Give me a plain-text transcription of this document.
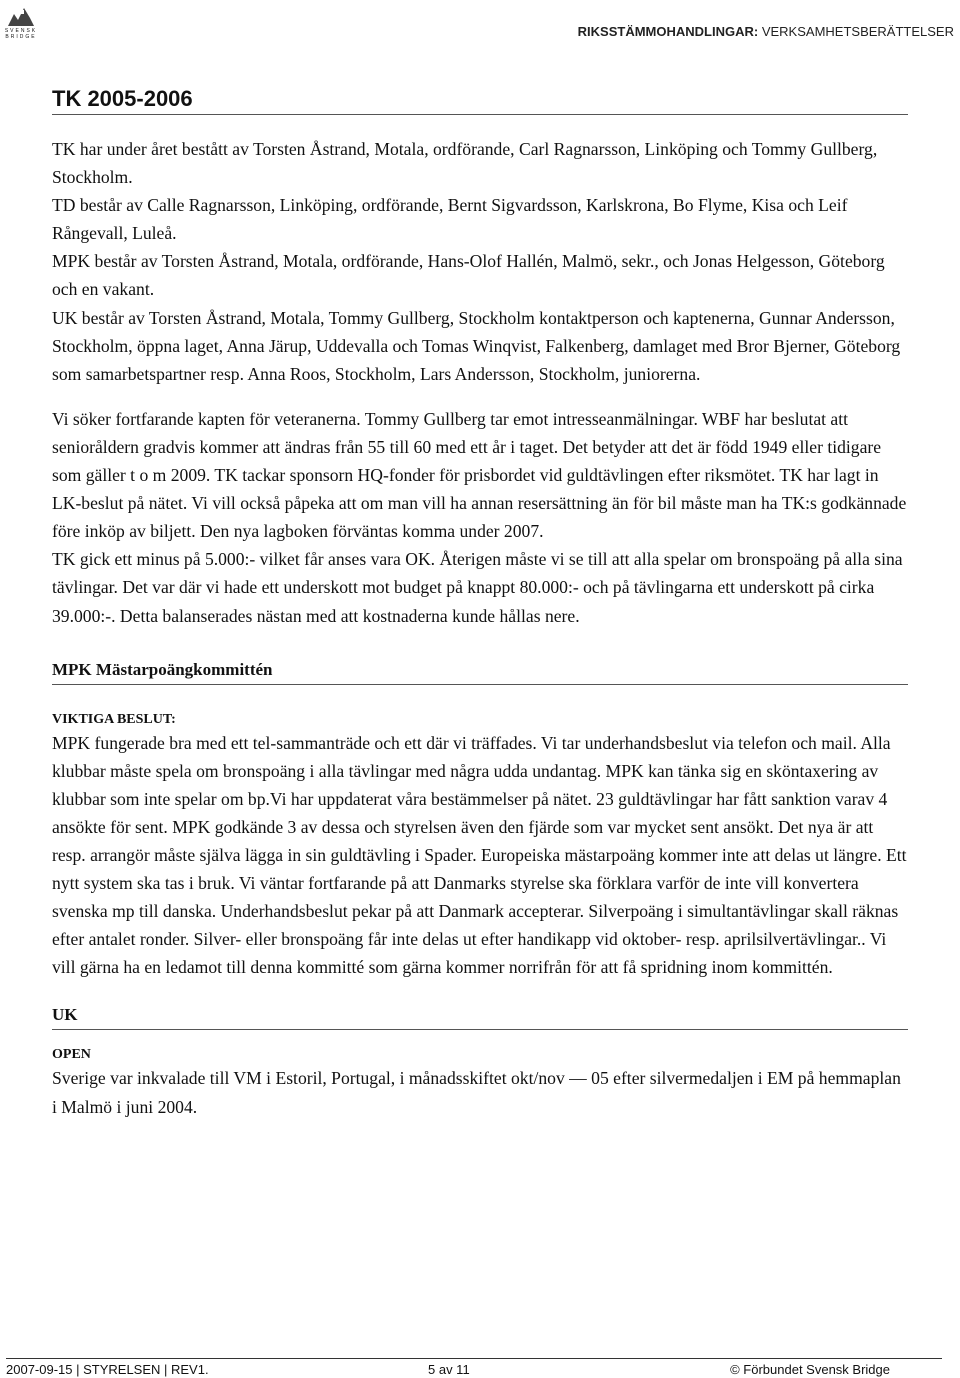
SVENSK
BRIDGE	RIKSSTÄMMOHANDLINGAR: VERKSAMHETSBERÄTTELSER
TK 2005-2006

TK har under året bestått av Torsten Åstrand, Motala, ordförande, Carl Ragnarsson, Linköping och Tommy Gullberg, Stockholm.

TD består av Calle Ragnarsson, Linköping, ordförande, Bernt Sigvardsson, Karlskrona, Bo Flyme, Kisa och Leif Rångevall, Luleå.

MPK består av Torsten Åstrand, Motala, ordförande, Hans-Olof Hallén, Malmö, sekr., och Jonas Helgesson, Göteborg och en vakant.

UK består av Torsten Åstrand, Motala, Tommy Gullberg, Stockholm kontaktperson och kaptenerna, Gunnar Andersson, Stockholm, öppna laget, Anna Järup, Uddevalla och Tomas Winqvist, Falkenberg, damlaget med Bror Bjerner, Göteborg som samarbetspartner resp. Anna Roos, Stockholm, Lars Andersson, Stockholm, juniorerna.

Vi söker fortfarande kapten för veteranerna. Tommy Gullberg tar emot intresseanmälningar. WBF har beslutat att senioråldern gradvis kommer att ändras från 55 till 60 med ett år i taget. Det betyder att det är född 1949 eller tidigare som gäller t o m 2009. TK tackar sponsorn HQ-fonder för prisbordet vid guldtävlingen efter riksmötet. TK har lagt in LK-beslut på nätet. Vi vill också påpeka att om man vill ha annan resersättning än för bil måste man ha TK:s godkännade före inköp av biljett. Den nya lagboken förväntas komma under 2007.

TK gick ett minus på 5.000:- vilket får anses vara OK. Återigen måste vi se till att alla spelar om bronspoäng på alla sina tävlingar. Det var där vi hade ett underskott mot budget på knappt 80.000:- och på tävlingarna ett underskott på cirka 39.000:-. Detta balanserades nästan med att kostnaderna kunde hållas nere.

MPK Mästarpoängkommittén
VIKTIGA BESLUT:

MPK fungerade bra med ett tel-sammanträde och ett där vi träffades. Vi tar underhandsbeslut via telefon och mail. Alla klubbar måste spela om bronspoäng i alla tävlingar med några udda undantag. MPK kan tänka sig en sköntaxering av klubbar som inte spelar om bp.Vi har uppdaterat våra bestämmelser på nätet. 23 guldtävlingar har fått sanktion varav 4 ansökte för sent. MPK godkände 3 av dessa och styrelsen även den fjärde som var mycket sent ansökt. Det nya är att resp. arrangör måste själva lägga in sin guldtävling i Spader. Europeiska mästarpoäng kommer inte att delas ut längre. Ett nytt system ska tas i bruk. Vi väntar fortfarande på att Danmarks styrelse ska förklara varför de inte vill konvertera svenska mp till danska. Underhandsbeslut pekar på att Danmark accepterar. Silverpoäng i simultantävlingar skall räknas efter antalet ronder. Silver- eller bronspoäng får inte delas ut efter handikapp vid oktober- resp. aprilsilvertävlingar.. Vi vill gärna ha en ledamot till denna kommitté som gärna kommer norrifrån för att få spridning inom kommittén.

UK
OPEN

Sverige var inkvalade till VM i Estoril, Portugal, i månadsskiftet okt/nov — 05 efter silvermedaljen i EM på hemmaplan i Malmö i juni 2004.

2007-09-15 | STYRELSEN | REV1.	5 av 11	© Förbundet Svensk Bridge
